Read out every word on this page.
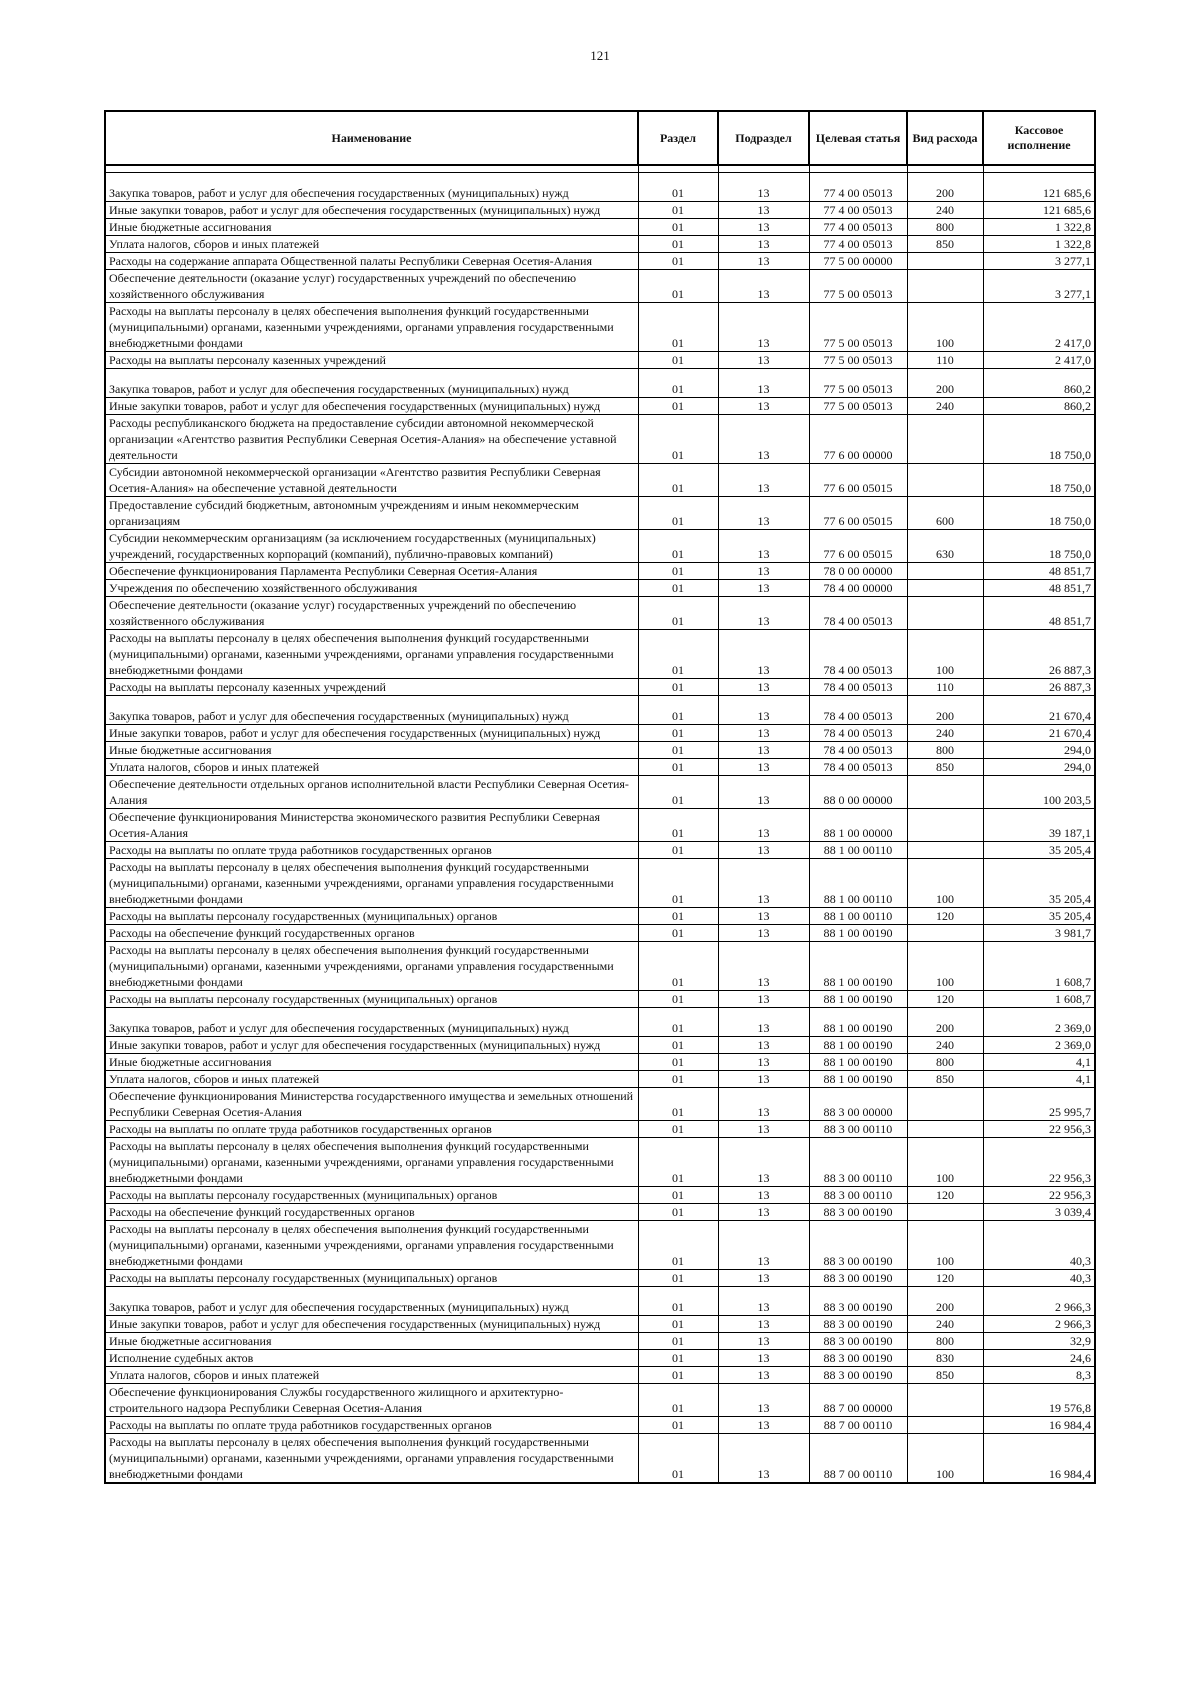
121
Наименование	Раздел	Подраздел	Целевая статья	Вид расхода	Кассовое исполнение

Закупка товаров, работ и услуг для обеспечения государственных (муниципальных) нужд	01	13	77 4 00 05013	200	121 685,6
Иные закупки товаров, работ и услуг для обеспечения государственных (муниципальных) нужд	01	13	77 4 00 05013	240	121 685,6
Иные бюджетные ассигнования	01	13	77 4 00 05013	800	1 322,8
Уплата налогов, сборов и иных платежей	01	13	77 4 00 05013	850	1 322,8
Расходы на содержание аппарата Общественной палаты Республики Северная Осетия-Алания	01	13	77 5 00 00000		3 277,1
Обеспечение деятельности (оказание услуг) государственных учреждений по обеспечению хозяйственного обслуживания	01	13	77 5 00 05013		3 277,1
Расходы на выплаты персоналу в целях обеспечения выполнения функций государственными (муниципальными) органами, казенными учреждениями, органами управления государственными внебюджетными фондами	01	13	77 5 00 05013	100	2 417,0
Расходы на выплаты персоналу казенных учреждений	01	13	77 5 00 05013	110	2 417,0
Закупка товаров, работ и услуг для обеспечения государственных (муниципальных) нужд	01	13	77 5 00 05013	200	860,2
Иные закупки товаров, работ и услуг для обеспечения государственных (муниципальных) нужд	01	13	77 5 00 05013	240	860,2
Расходы республиканского бюджета на предоставление субсидии автономной некоммерческой организации «Агентство развития Республики Северная Осетия-Алания» на обеспечение уставной деятельности	01	13	77 6 00 00000		18 750,0
Субсидии автономной некоммерческой организации «Агентство развития Республики Северная Осетия-Алания» на обеспечение уставной деятельности	01	13	77 6 00 05015		18 750,0
Предоставление субсидий бюджетным, автономным учреждениям и иным некоммерческим организациям	01	13	77 6 00 05015	600	18 750,0
Субсидии некоммерческим организациям (за исключением государственных (муниципальных) учреждений, государственных корпораций (компаний), публично-правовых компаний)	01	13	77 6 00 05015	630	18 750,0
Обеспечение функционирования Парламента Республики Северная Осетия-Алания	01	13	78 0 00 00000		48 851,7
Учреждения по обеспечению хозяйственного обслуживания	01	13	78 4 00 00000		48 851,7
Обеспечение деятельности (оказание услуг) государственных учреждений по обеспечению хозяйственного обслуживания	01	13	78 4 00 05013		48 851,7
Расходы на выплаты персоналу в целях обеспечения выполнения функций государственными (муниципальными) органами, казенными учреждениями, органами управления государственными внебюджетными фондами	01	13	78 4 00 05013	100	26 887,3
Расходы на выплаты персоналу казенных учреждений	01	13	78 4 00 05013	110	26 887,3
Закупка товаров, работ и услуг для обеспечения государственных (муниципальных) нужд	01	13	78 4 00 05013	200	21 670,4
Иные закупки товаров, работ и услуг для обеспечения государственных (муниципальных) нужд	01	13	78 4 00 05013	240	21 670,4
Иные бюджетные ассигнования	01	13	78 4 00 05013	800	294,0
Уплата налогов, сборов и иных платежей	01	13	78 4 00 05013	850	294,0
Обеспечение деятельности отдельных органов исполнительной власти Республики Северная Осетия-Алания	01	13	88 0 00 00000		100 203,5
Обеспечение функционирования Министерства экономического развития Республики Северная Осетия-Алания	01	13	88 1 00 00000		39 187,1
Расходы на выплаты по оплате труда работников государственных органов	01	13	88 1 00 00110		35 205,4
Расходы на выплаты персоналу в целях обеспечения выполнения функций государственными (муниципальными) органами, казенными учреждениями, органами управления государственными внебюджетными фондами	01	13	88 1 00 00110	100	35 205,4
Расходы на выплаты персоналу государственных (муниципальных) органов	01	13	88 1 00 00110	120	35 205,4
Расходы на обеспечение функций государственных органов	01	13	88 1 00 00190		3 981,7
Расходы на выплаты персоналу в целях обеспечения выполнения функций государственными (муниципальными) органами, казенными учреждениями, органами управления государственными внебюджетными фондами	01	13	88 1 00 00190	100	1 608,7
Расходы на выплаты персоналу государственных (муниципальных) органов	01	13	88 1 00 00190	120	1 608,7
Закупка товаров, работ и услуг для обеспечения государственных (муниципальных) нужд	01	13	88 1 00 00190	200	2 369,0
Иные закупки товаров, работ и услуг для обеспечения государственных (муниципальных) нужд	01	13	88 1 00 00190	240	2 369,0
Иные бюджетные ассигнования	01	13	88 1 00 00190	800	4,1
Уплата налогов, сборов и иных платежей	01	13	88 1 00 00190	850	4,1
Обеспечение функционирования Министерства государственного имущества и земельных отношений Республики Северная Осетия-Алания	01	13	88 3 00 00000		25 995,7
Расходы на выплаты по оплате труда работников государственных органов	01	13	88 3 00 00110		22 956,3
Расходы на выплаты персоналу в целях обеспечения выполнения функций государственными (муниципальными) органами, казенными учреждениями, органами управления государственными внебюджетными фондами	01	13	88 3 00 00110	100	22 956,3
Расходы на выплаты персоналу государственных (муниципальных) органов	01	13	88 3 00 00110	120	22 956,3
Расходы на обеспечение функций государственных органов	01	13	88 3 00 00190		3 039,4
Расходы на выплаты персоналу в целях обеспечения выполнения функций государственными (муниципальными) органами, казенными учреждениями, органами управления государственными внебюджетными фондами	01	13	88 3 00 00190	100	40,3
Расходы на выплаты персоналу государственных (муниципальных) органов	01	13	88 3 00 00190	120	40,3
Закупка товаров, работ и услуг для обеспечения государственных (муниципальных) нужд	01	13	88 3 00 00190	200	2 966,3
Иные закупки товаров, работ и услуг для обеспечения государственных (муниципальных) нужд	01	13	88 3 00 00190	240	2 966,3
Иные бюджетные ассигнования	01	13	88 3 00 00190	800	32,9
Исполнение судебных актов	01	13	88 3 00 00190	830	24,6
Уплата налогов, сборов и иных платежей	01	13	88 3 00 00190	850	8,3
Обеспечение функционирования Службы государственного жилищного и архитектурно-строительного надзора Республики Северная Осетия-Алания	01	13	88 7 00 00000		19 576,8
Расходы на выплаты по оплате труда работников государственных органов	01	13	88 7 00 00110		16 984,4
Расходы на выплаты персоналу в целях обеспечения выполнения функций государственными (муниципальными) органами, казенными учреждениями, органами управления государственными внебюджетными фондами	01	13	88 7 00 00110	100	16 984,4
